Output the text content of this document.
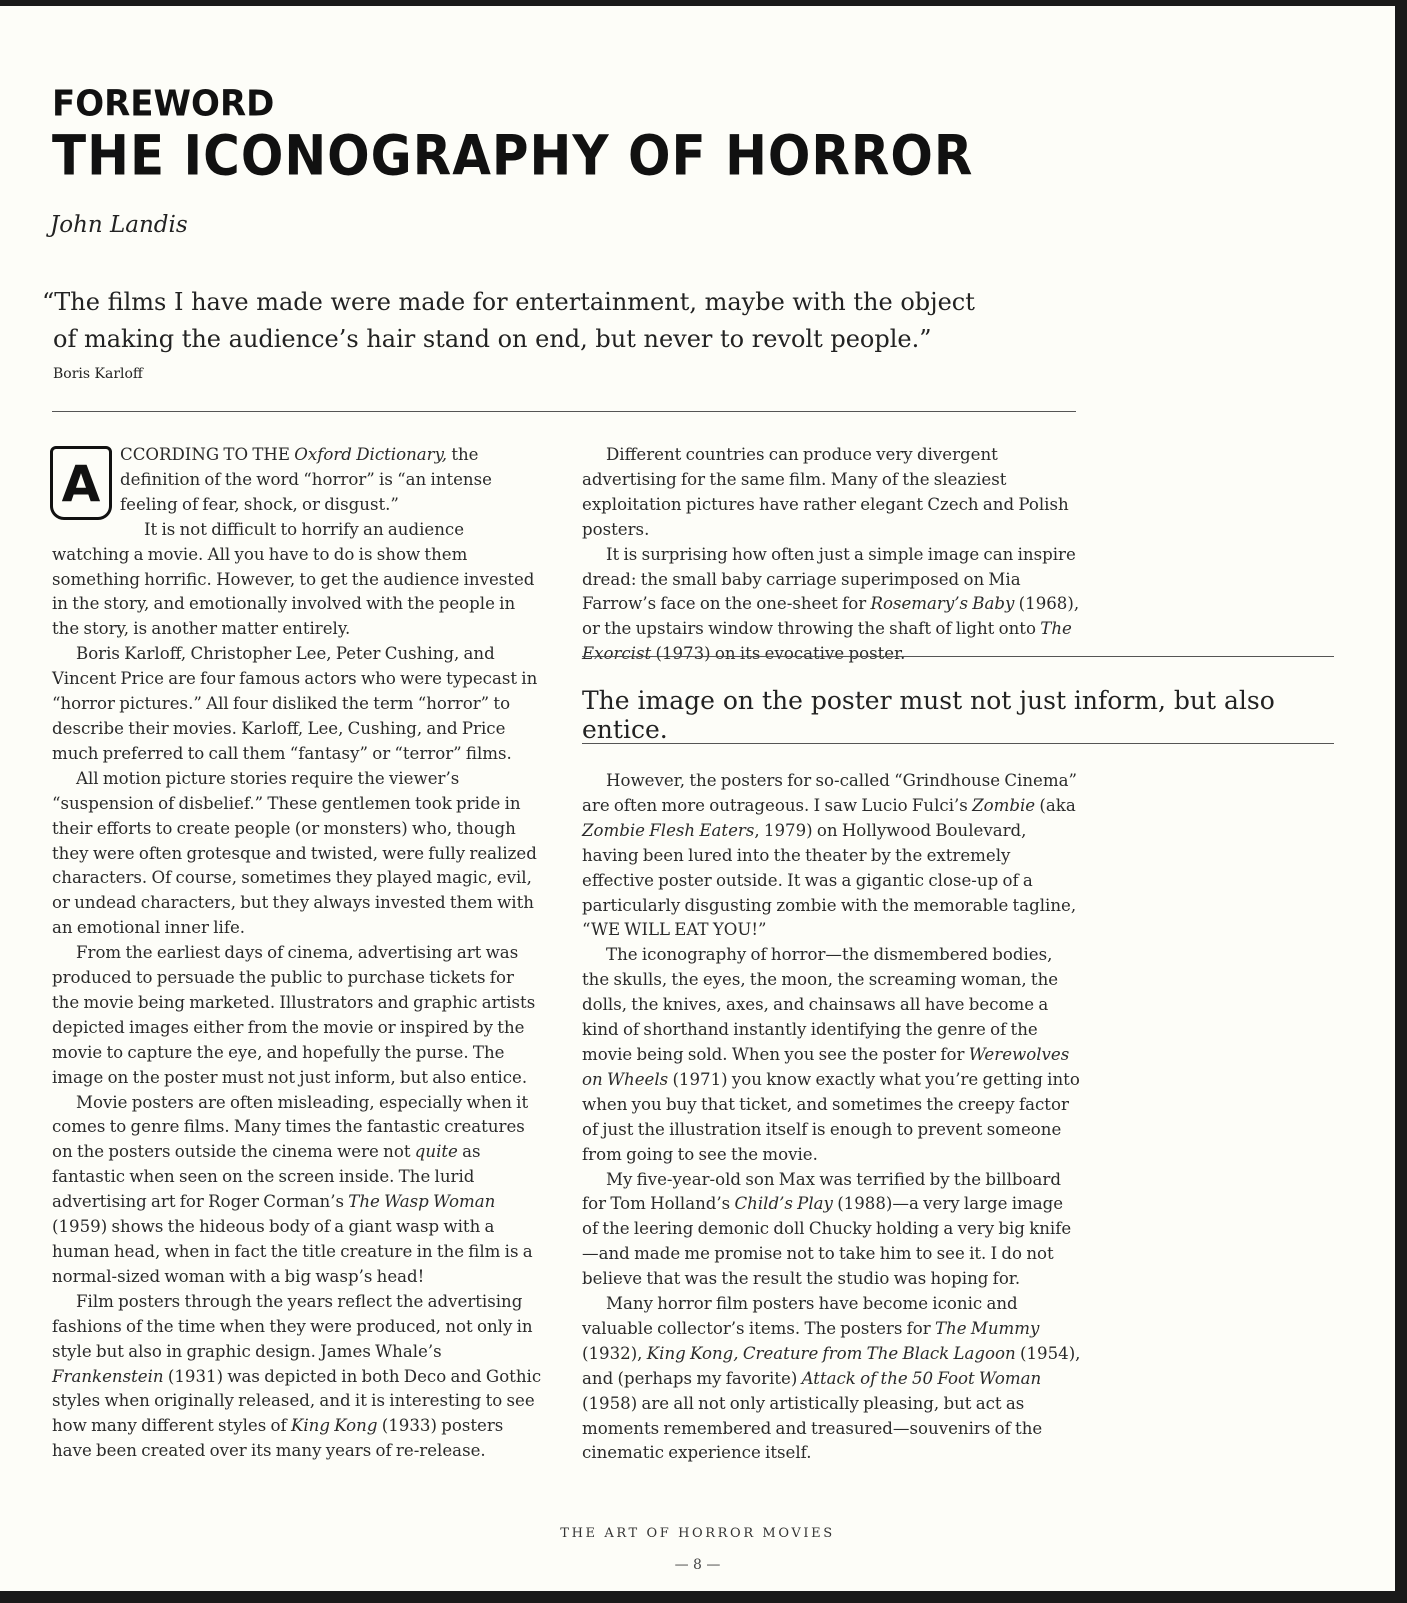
FOREWORD
THE ICONOGRAPHY OF HORROR
John Landis
“The films I have made were made for entertainment, maybe with the object
of making the audience’s hair stand on end, but never to revolt people.”
Boris Karloff

A
CCORDING TO THE Oxford Dictionary, the definition of the word “horror” is “an intense feeling of fear, shock, or disgust.”

It is not difficult to horrify an audience watching a movie. All you have to do is show them something horrific. However, to get the audience invested in the story, and emotionally involved with the people in the story, is another matter entirely.

Boris Karloff, Christopher Lee, Peter Cushing, and Vincent Price are four famous actors who were typecast in “horror pictures.” All four disliked the term “horror” to describe their movies. Karloff, Lee, Cushing, and Price much preferred to call them “fantasy” or “terror” films.

All motion picture stories require the viewer’s “suspension of disbelief.” These gentlemen took pride in their efforts to create people (or monsters) who, though they were often grotesque and twisted, were fully realized characters. Of course, sometimes they played magic, evil, or undead characters, but they always invested them with an emotional inner life.

From the earliest days of cinema, advertising art was produced to persuade the public to purchase tickets for the movie being marketed. Illustrators and graphic artists depicted images either from the movie or inspired by the movie to capture the eye, and hopefully the purse. The image on the poster must not just inform, but also entice.

Movie posters are often misleading, especially when it comes to genre films. Many times the fantastic creatures on the posters outside the cinema were not quite as fantastic when seen on the screen inside. The lurid advertising art for Roger Corman’s The Wasp Woman (1959) shows the hideous body of a giant wasp with a human head, when in fact the title creature in the film is a normal-sized woman with a big wasp’s head!

Film posters through the years reflect the advertising fashions of the time when they were produced, not only in style but also in graphic design. James Whale’s Frankenstein (1931) was depicted in both Deco and Gothic styles when originally released, and it is interesting to see how many different styles of King Kong (1933) posters have been created over its many years of re-release.

Different countries can produce very divergent advertising for the same film. Many of the sleaziest exploitation pictures have rather elegant Czech and Polish posters.

It is surprising how often just a simple image can inspire dread: the small baby carriage superimposed on Mia Farrow’s face on the one-sheet for Rosemary’s Baby (1968), or the upstairs window throwing the shaft of light onto The Exorcist (1973) on its evocative poster.

The image on the poster must not just inform, but also entice.

However, the posters for so-called “Grindhouse Cinema” are often more outrageous. I saw Lucio Fulci’s Zombie (aka Zombie Flesh Eaters, 1979) on Hollywood Boulevard, having been lured into the theater by the extremely effective poster outside. It was a gigantic close-up of a particularly disgusting zombie with the memorable tagline, “WE WILL EAT YOU!”

The iconography of horror—the dismembered bodies, the skulls, the eyes, the moon, the screaming woman, the dolls, the knives, axes, and chainsaws all have become a kind of shorthand instantly identifying the genre of the movie being sold. When you see the poster for Werewolves on Wheels (1971) you know exactly what you’re getting into when you buy that ticket, and sometimes the creepy factor of just the illustration itself is enough to prevent someone from going to see the movie.

My five-year-old son Max was terrified by the billboard for Tom Holland’s Child’s Play (1988)—a very large image of the leering demonic doll Chucky holding a very big knife —and made me promise not to take him to see it. I do not believe that was the result the studio was hoping for.

Many horror film posters have become iconic and valuable collector’s items. The posters for The Mummy (1932), King Kong, Creature from The Black Lagoon (1954), and (perhaps my favorite) Attack of the 50 Foot Woman (1958) are all not only artistically pleasing, but act as moments remembered and treasured—souvenirs of the cinematic experience itself.

THE ART OF HORROR MOVIES
— 8 —
